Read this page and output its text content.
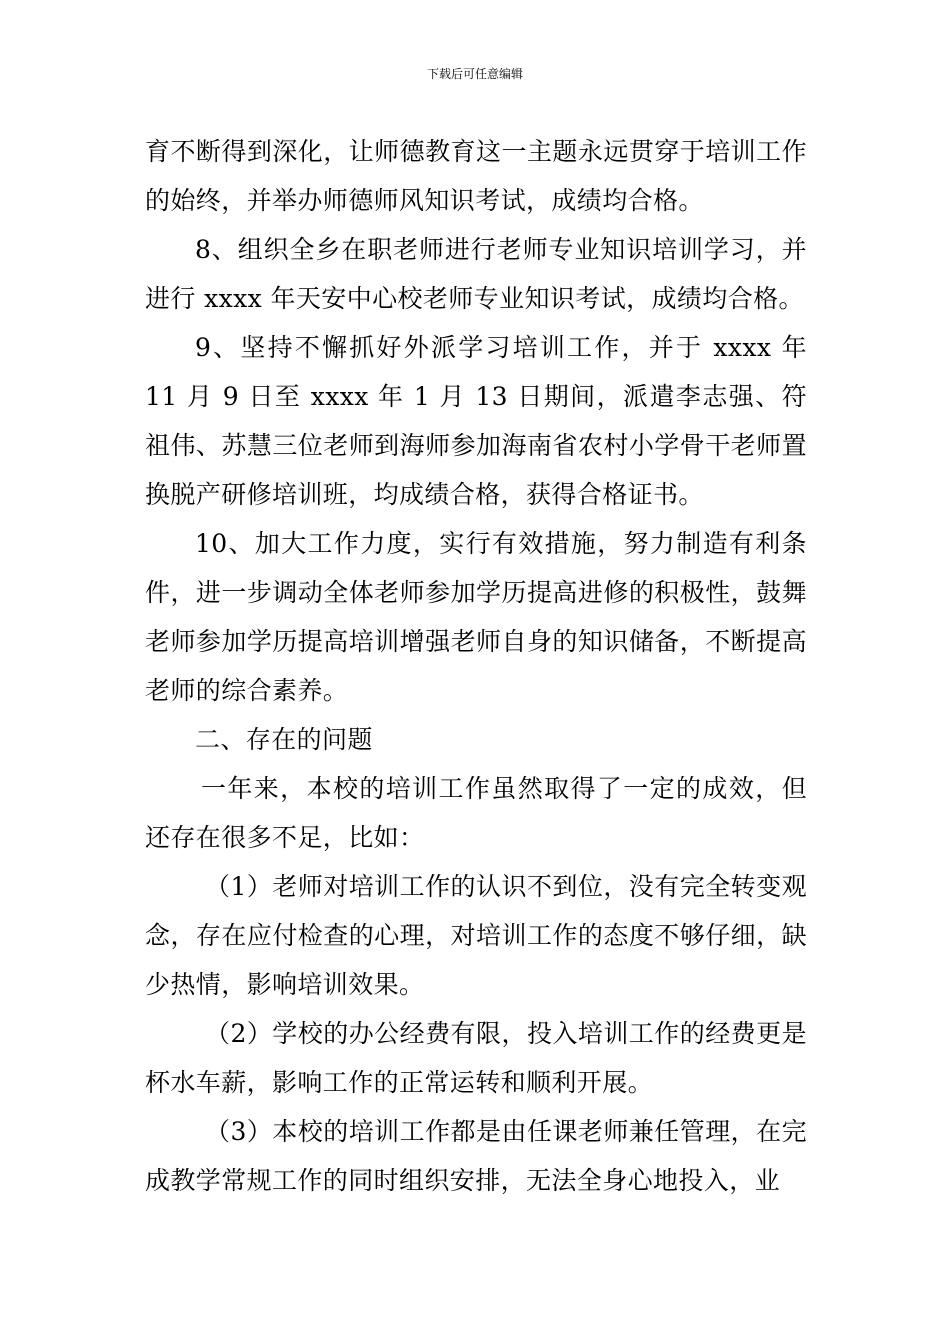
下载后可任意编辑

育不断得到深化，让师德教育这一主题永远贯穿于培训工作的始终，并举办师德师风知识考试，成绩均合格。

8、组织全乡在职老师进行老师专业知识培训学习，并进行 xxxx 年天安中心校老师专业知识考试，成绩均合格。

9、坚持不懈抓好外派学习培训工作，并于 xxxx 年 11 月 9 日至 xxxx 年 1 月 13 日期间，派遣李志强、符祖伟、苏慧三位老师到海师参加海南省农村小学骨干老师置换脱产研修培训班，均成绩合格，获得合格证书。

10、加大工作力度，实行有效措施，努力制造有利条件，进一步调动全体老师参加学历提高进修的积极性，鼓舞老师参加学历提高培训增强老师自身的知识储备，不断提高老师的综合素养。

二、存在的问题

一年来，本校的培训工作虽然取得了一定的成效，但还存在很多不足，比如：

（1）老师对培训工作的认识不到位，没有完全转变观念，存在应付检查的心理，对培训工作的态度不够仔细，缺少热情，影响培训效果。

（2）学校的办公经费有限，投入培训工作的经费更是杯水车薪，影响工作的正常运转和顺利开展。

（3）本校的培训工作都是由任课老师兼任管理，在完成教学常规工作的同时组织安排，无法全身心地投入，业
